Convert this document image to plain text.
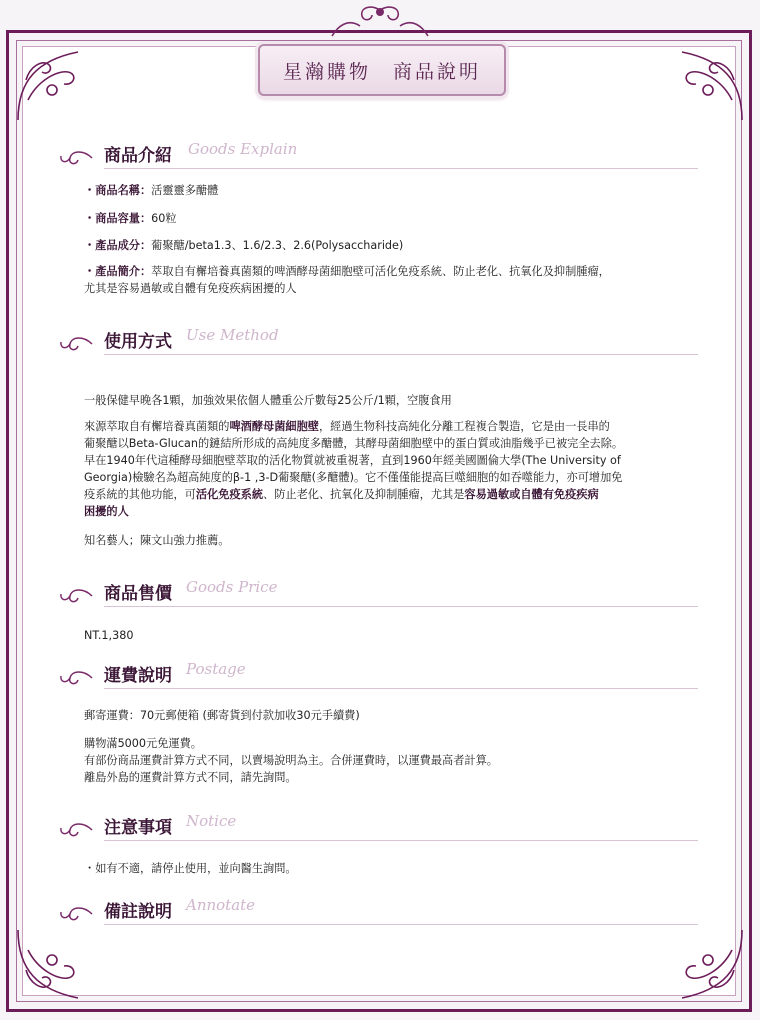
星瀚購物　商品說明
商品介紹 Goods Explain
・商品名稱：活靈靈多醣體
・商品容量：60粒
・產品成分：葡聚醣/beta1.3、1.6/2.3、2.6(Polysaccharide)
・產品簡介：萃取自有檞培養真菌類的啤酒酵母菌細胞壁可活化免疫系統、防止老化、抗氧化及抑制腫瘤，
尤其是容易過敏或自體有免疫疾病困擾的人
使用方式 Use Method
一般保健早晚各1顆，加強效果依個人體重公斤數每25公斤/1顆，空腹食用
來源萃取自有檞培養真菌類的啤酒酵母菌細胞壁，經過生物科技高純化分離工程複合製造，它是由一長串的
葡聚醣以Beta-Glucan的鏈結所形成的高純度多醣體，其酵母菌細胞壁中的蛋白質或油脂幾乎已被完全去除。
早在1940年代這種酵母細胞壁萃取的活化物質就被重視著，直到1960年經美國圖倫大學(The University of
Georgia)檢驗名為超高純度的β-1 ,3-D葡聚醣(多醣體)。它不僅僅能提高巨噬細胞的如吞噬能力，亦可增加免
疫系統的其他功能，可活化免疫系統、防止老化、抗氧化及抑制腫瘤，尤其是容易過敏或自體有免疫疾病
困擾的人
知名藝人；陳文山強力推薦。
商品售價 Goods Price
NT.1,380
運費說明 Postage
郵寄運費：70元郵便箱 (郵寄貨到付款加收30元手續費)
購物滿5000元免運費。
有部份商品運費計算方式不同，以賣場說明為主。合併運費時，以運費最高者計算。
離島外島的運費計算方式不同，請先詢問。
注意事項 Notice
・如有不適，請停止使用，並向醫生詢問。
備註說明 Annotate
